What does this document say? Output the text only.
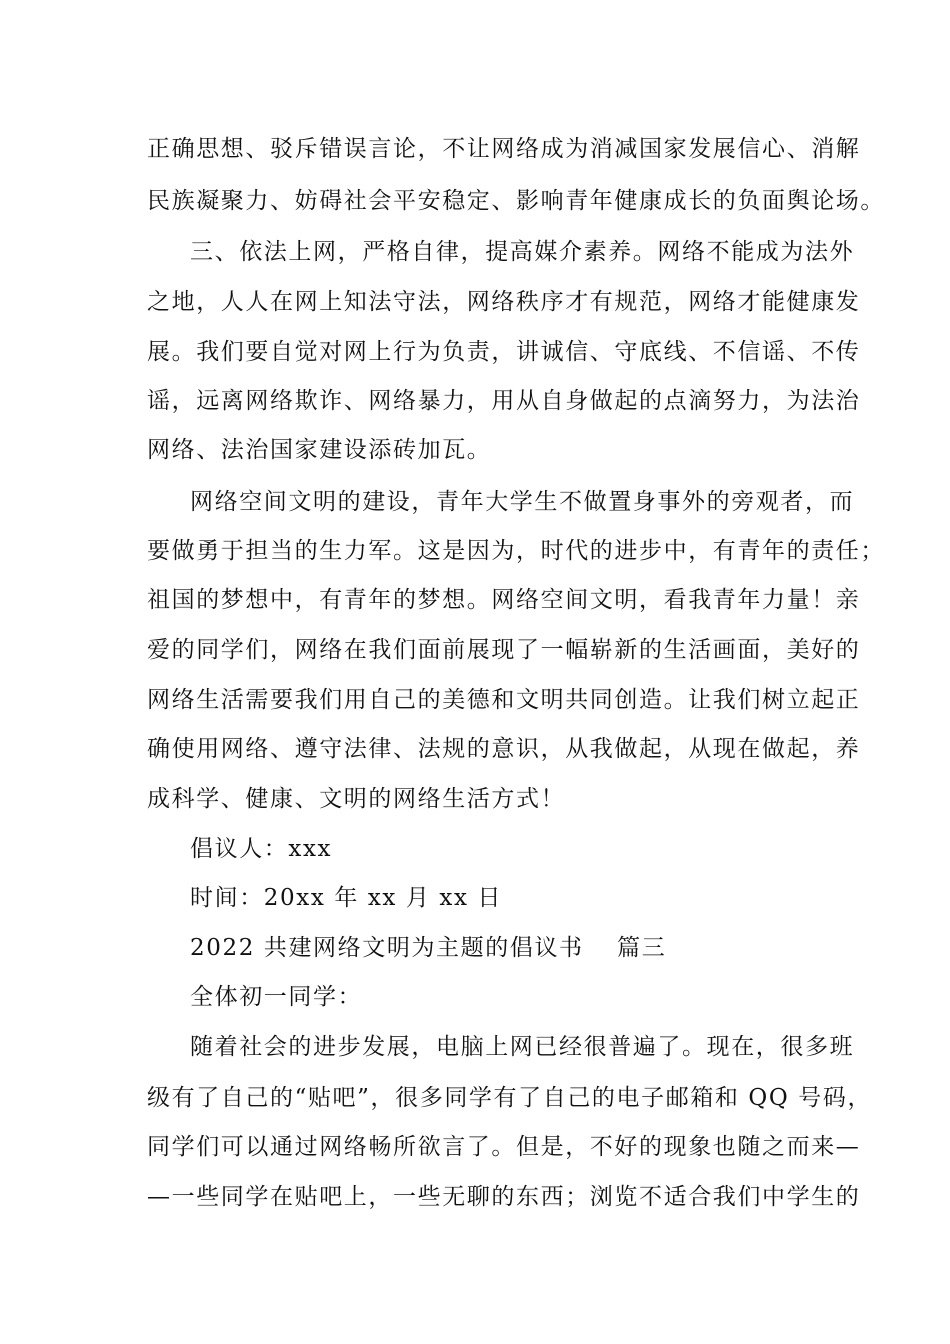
正确思想、驳斥错误言论，不让网络成为消减国家发展信心、消解
民族凝聚力、妨碍社会平安稳定、影响青年健康成长的负面舆论场。
三、依法上网，严格自律，提高媒介素养。网络不能成为法外
之地，人人在网上知法守法，网络秩序才有规范，网络才能健康发
展。我们要自觉对网上行为负责，讲诚信、守底线、不信谣、不传
谣，远离网络欺诈、网络暴力，用从自身做起的点滴努力，为法治
网络、法治国家建设添砖加瓦。
网络空间文明的建设，青年大学生不做置身事外的旁观者，而
要做勇于担当的生力军。这是因为，时代的进步中，有青年的责任；
祖国的梦想中，有青年的梦想。网络空间文明，看我青年力量！亲
爱的同学们，网络在我们面前展现了一幅崭新的生活画面，美好的
网络生活需要我们用自己的美德和文明共同创造。让我们树立起正
确使用网络、遵守法律、法规的意识，从我做起，从现在做起，养
成科学、健康、文明的网络生活方式！
倡议人：xxx
时间：20xx 年 xx 月 xx 日
2022 共建网络文明为主题的倡议书　 篇三
全体初一同学：
随着社会的进步发展，电脑上网已经很普遍了。现在，很多班
级有了自己的“贴吧”，很多同学有了自己的电子邮箱和 QQ 号码，
同学们可以通过网络畅所欲言了。但是，不好的现象也随之而来—
—一些同学在贴吧上，一些无聊的东西；浏览不适合我们中学生的
